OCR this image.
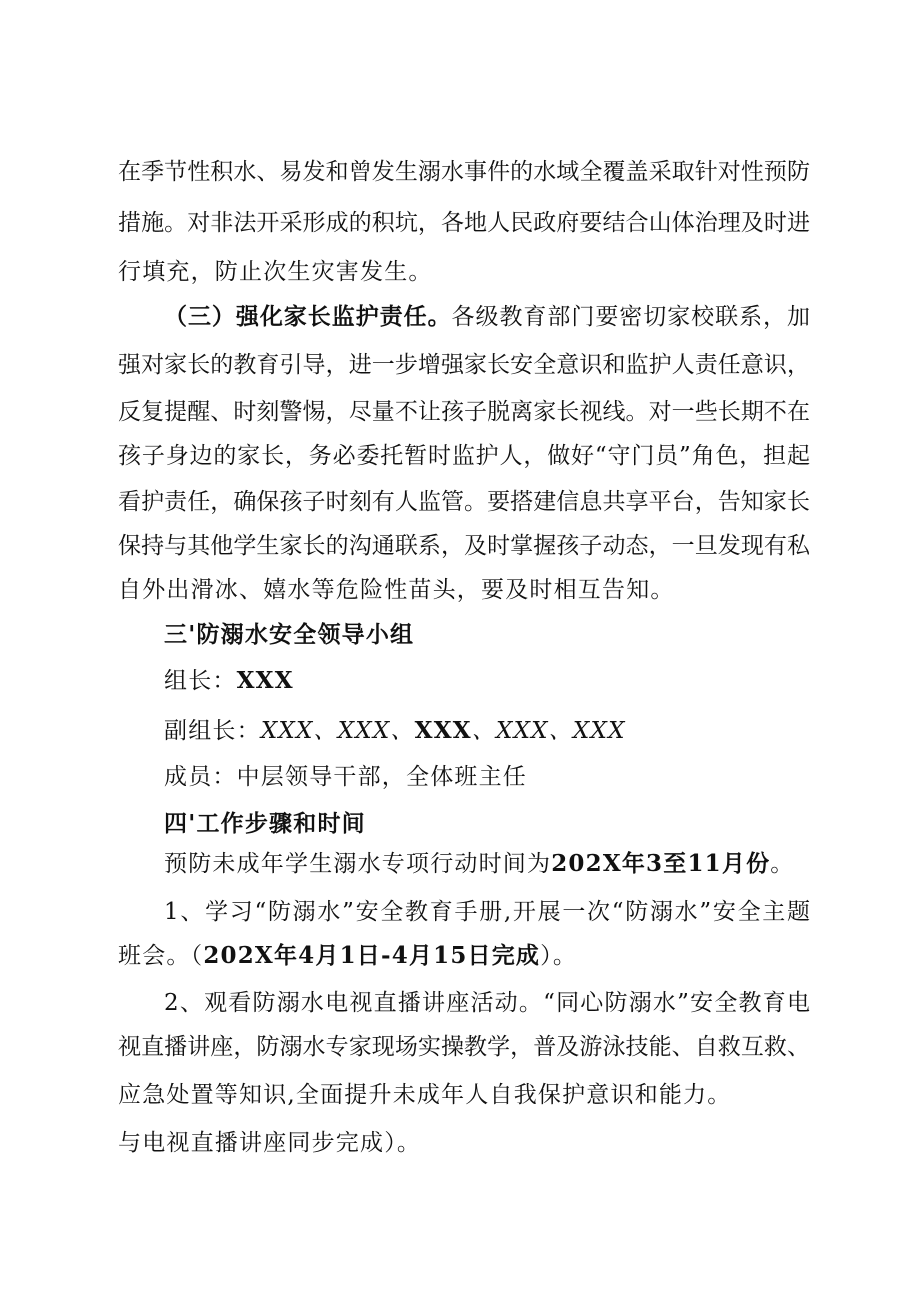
在季节性积水、易发和曾发生溺水事件的水域全覆盖采取针对性预防
措施。对非法开采形成的积坑，各地人民政府要结合山体治理及时进
行填充，防止次生灾害发生。
（三）强化家长监护责任。各级教育部门要密切家校联系，加
强对家长的教育引导，进一步增强家长安全意识和监护人责任意识，
反复提醒、时刻警惕，尽量不让孩子脱离家长视线。对一些长期不在
孩子身边的家长，务必委托暂时监护人，做好“守门员”角色，担起
看护责任，确保孩子时刻有人监管。要搭建信息共享平台，告知家长
保持与其他学生家长的沟通联系，及时掌握孩子动态，一旦发现有私
自外出滑冰、嬉水等危险性苗头，要及时相互告知。
三'防溺水安全领导小组
组长：XXX
副组长：XXX、XXX、XXX、XXX、XXX
成员：中层领导干部，全体班主任
四'工作步骤和时间
预防未成年学生溺水专项行动时间为202X年3至11月份。
1、学习“防溺水”安全教育手册,开展一次“防溺水”安全主题
班会。（202X年4月1日-4月15日完成）。
2、观看防溺水电视直播讲座活动。“同心防溺水”安全教育电
视直播讲座，防溺水专家现场实操教学，普及游泳技能、自救互救、
应急处置等知识,全面提升未成年人自我保护意识和能力。
与电视直播讲座同步完成）。
